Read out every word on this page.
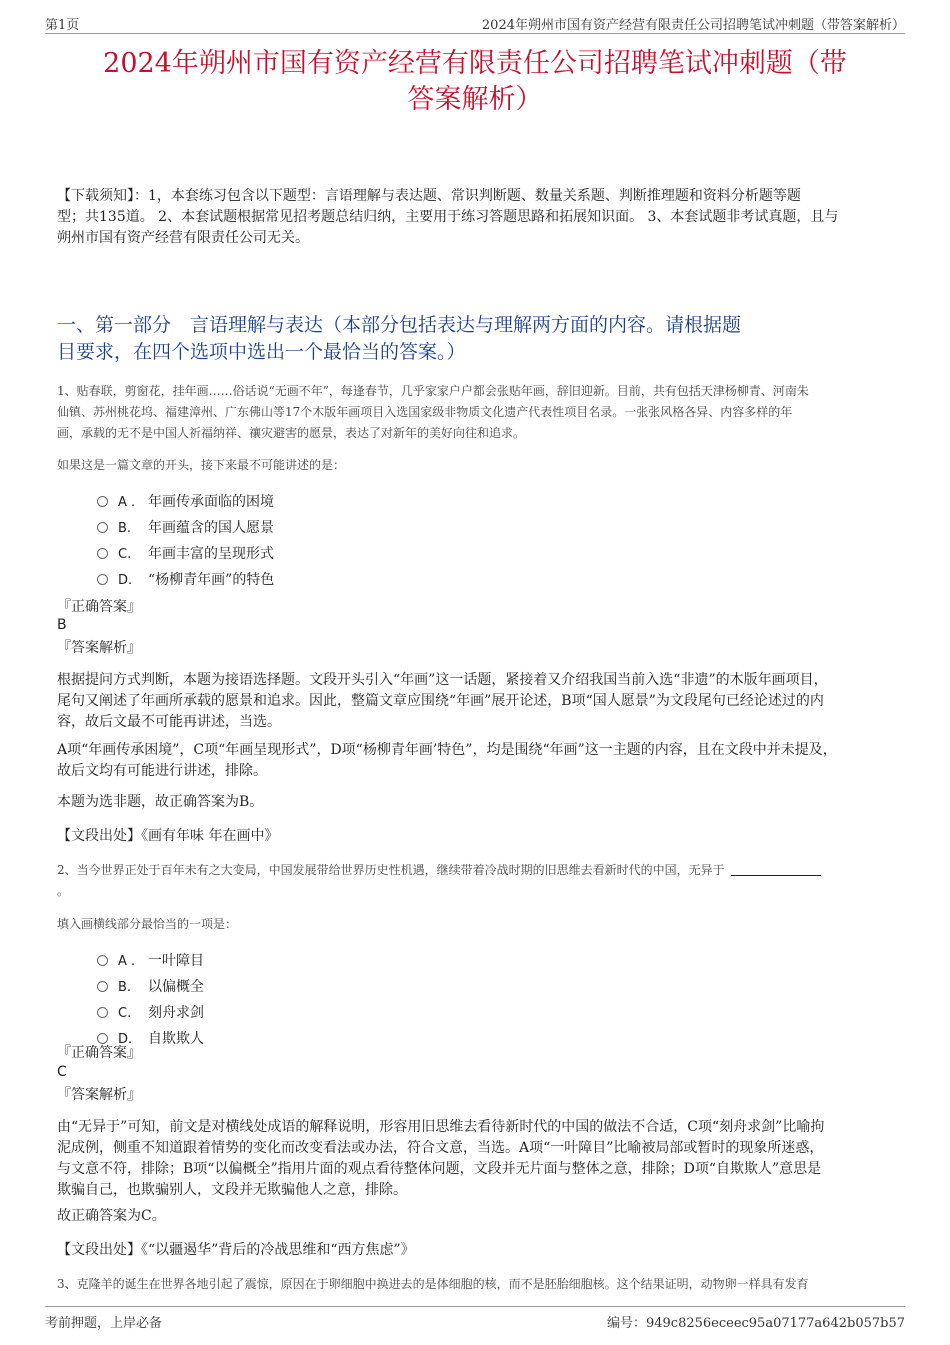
第1页	2024年朔州市国有资产经营有限责任公司招聘笔试冲刺题（带答案解析）
2024年朔州市国有资产经营有限责任公司招聘笔试冲刺题（带
答案解析）
【下载须知】：1，本套练习包含以下题型：言语理解与表达题、常识判断题、数量关系题、判断推理题和资料分析题等题
型；共135道。 2、本套试题根据常见招考题总结归纳，主要用于练习答题思路和拓展知识面。 3、本套试题非考试真题，且与
朔州市国有资产经营有限责任公司无关。
一、第一部分　言语理解与表达（本部分包括表达与理解两方面的内容。请根据题
目要求，在四个选项中选出一个最恰当的答案。）
1、贴春联，剪窗花，挂年画……俗话说“无画不年”，每逢春节，几乎家家户户都会张贴年画，辞旧迎新。目前，共有包括天津杨柳青、河南朱
仙镇、苏州桃花坞、福建漳州、广东佛山等17个木版年画项目入选国家级非物质文化遗产代表性项目名录。一张张风格各异、内容多样的年
画，承载的无不是中国人祈福纳祥、禳灾避害的愿景，表达了对新年的美好向往和追求。
如果这是一篇文章的开头，接下来最不可能讲述的是：
A . 年画传承面临的困境
B. 年画蕴含的国人愿景
C. 年画丰富的呈现形式
D. “杨柳青年画”的特色
『正确答案』
B
『答案解析』
根据提问方式判断，本题为接语选择题。文段开头引入“年画”这一话题，紧接着又介绍我国当前入选“非遗”的木版年画项目，
尾句又阐述了年画所承载的愿景和追求。因此，整篇文章应围绕“年画”展开论述，B项“国人愿景”为文段尾句已经论述过的内
容，故后文最不可能再讲述，当选。
A项“年画传承困境”，C项“年画呈现形式”，D项“杨柳青年画’特色”，均是围绕“年画”这一主题的内容，且在文段中并未提及，
故后文均有可能进行讲述，排除。
本题为选非题，故正确答案为B。
【文段出处】《画有年味 年在画中》
2、当今世界正处于百年未有之大变局，中国发展带给世界历史性机遇，继续带着冷战时期的旧思维去看新时代的中国，无异于
。
填入画横线部分最恰当的一项是：
A . 一叶障目
B. 以偏概全
C. 刻舟求剑
D. 自欺欺人
『正确答案』
C
『答案解析』
由“无异于”可知，前文是对横线处成语的解释说明，形容用旧思维去看待新时代的中国的做法不合适，C项“刻舟求剑”比喻拘
泥成例，侧重不知道跟着情势的变化而改变看法或办法，符合文意，当选。A项“一叶障目”比喻被局部或暂时的现象所迷惑，
与文意不符，排除；B项“以偏概全”指用片面的观点看待整体问题，文段并无片面与整体之意，排除；D项“自欺欺人”意思是
欺骗自己，也欺骗别人，文段并无欺骗他人之意，排除。
故正确答案为C。
【文段出处】《“以疆遏华”背后的冷战思维和“西方焦虑”》
3、克隆羊的诞生在世界各地引起了震惊，原因在于卵细胞中换进去的是体细胞的核，而不是胚胎细胞核。这个结果证明，动物卵一样具有发育
考前押题，上岸必备	编号：949c8256eceec95a07177a642b057b57
